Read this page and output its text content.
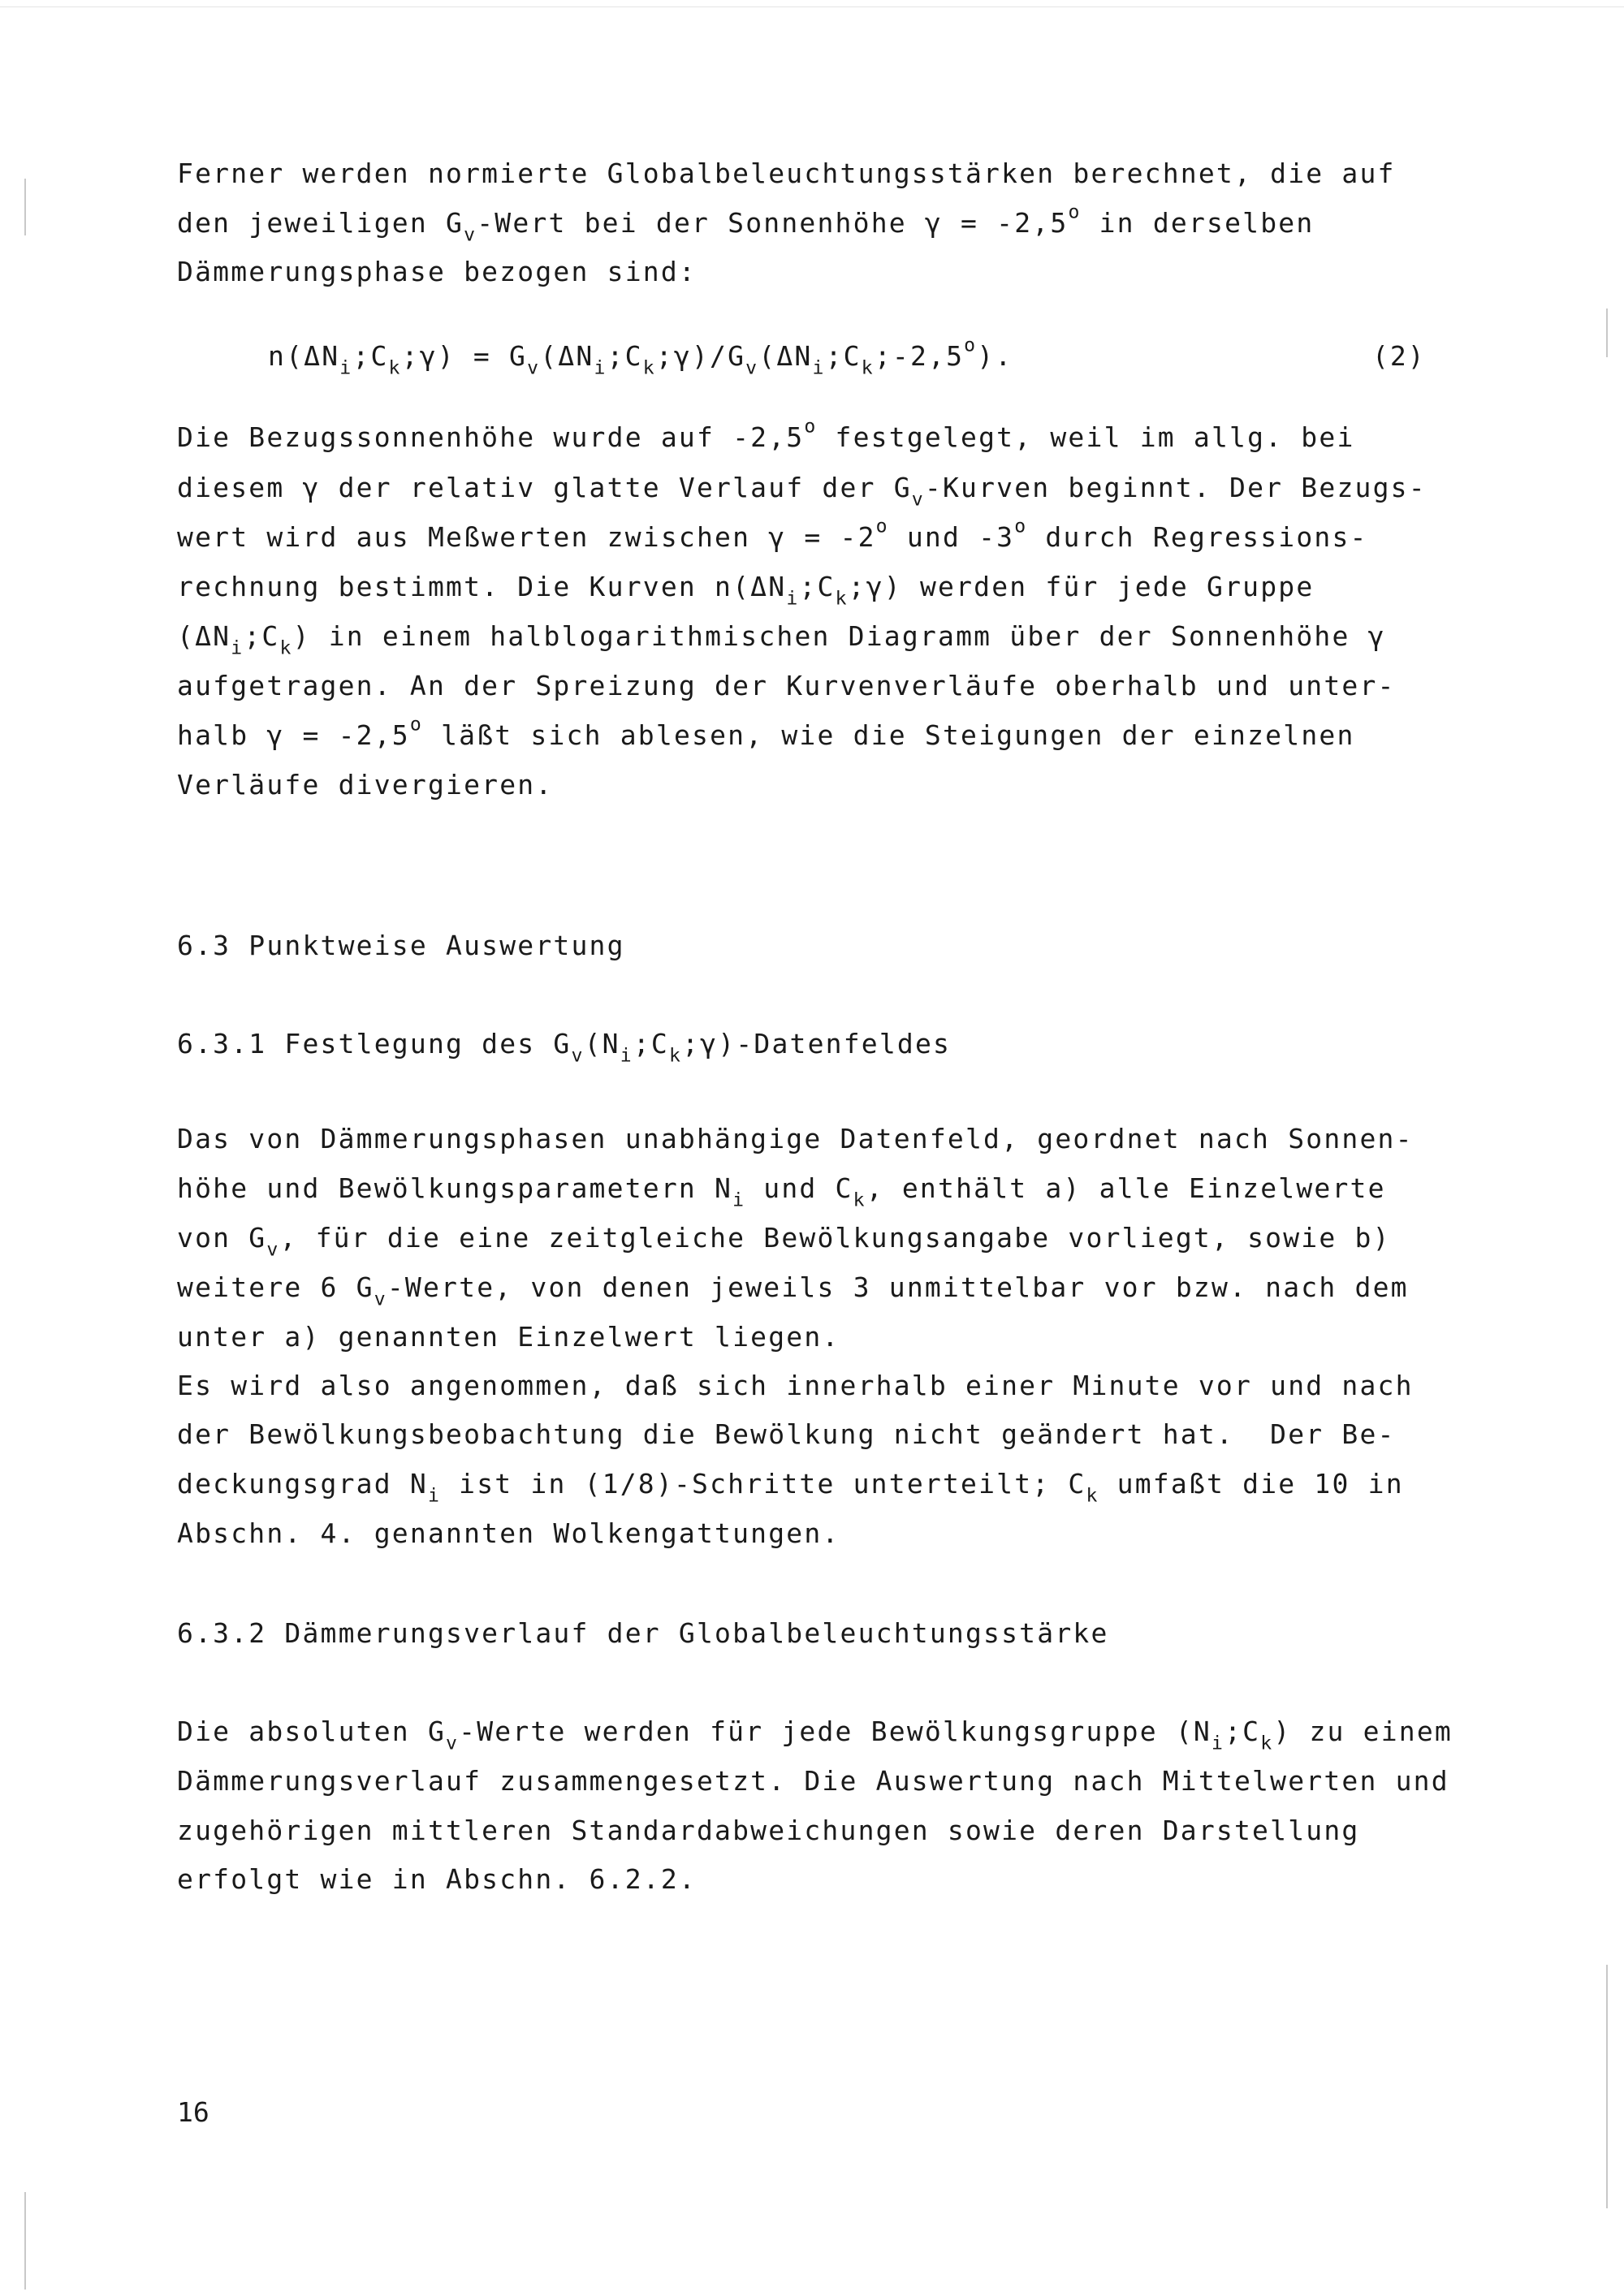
Ferner werden normierte Globalbeleuchtungsstärken berechnet, die auf
den jeweiligen $G_v$-Wert bei der Sonnenhöhe $\gamma = -2,5^o$ in derselben
Dämmerungsphase bezogen sind:
$n(\Delta N_i;C_k;\gamma)$ = $G_v(\Delta N_i;C_k;\gamma)/G_v(\Delta N_i;C_k;-2,5^o)$.	(2)
Die Bezugssonnenhöhe wurde auf -2,5$^o$ festgelegt, weil im allg. bei
diesem γ der relativ glatte Verlauf der $G_v$-Kurven beginnt. Der Bezugs-
wert wird aus Meßwerten zwischen $\gamma = -2^o$ und -3$^o$ durch Regressions-
rechnung bestimmt. Die Kurven $n(\Delta N_i;C_k;\gamma)$ werden für jede Gruppe
$(\Delta N_i;C_k)$ in einem halblogarithmischen Diagramm über der Sonnenhöhe γ
aufgetragen. An der Spreizung der Kurvenverläufe oberhalb und unter-
halb $\gamma = -2,5^o$ läßt sich ablesen, wie die Steigungen der einzelnen
Verläufe divergieren.
6.3 Punktweise Auswertung
6.3.1 Festlegung des $G_v(N_i;C_k;\gamma)$-Datenfeldes
Das von Dämmerungsphasen unabhängige Datenfeld, geordnet nach Sonnen-
höhe und Bewölkungsparametern $N_i$ und $C_k$, enthält a) alle Einzelwerte
von $G_v$, für die eine zeitgleiche Bewölkungsangabe vorliegt, sowie b)
weitere 6 $G_v$-Werte, von denen jeweils 3 unmittelbar vor bzw. nach dem
unter a) genannten Einzelwert liegen.
Es wird also angenommen, daß sich innerhalb einer Minute vor und nach
der Bewölkungsbeobachtung die Bewölkung nicht geändert hat.  Der Be-
deckungsgrad $N_i$ ist in (1/8)-Schritte unterteilt; $C_k$ umfaßt die 10 in
Abschn. 4. genannten Wolkengattungen.
6.3.2 Dämmerungsverlauf der Globalbeleuchtungsstärke
Die absoluten $G_v$-Werte werden für jede Bewölkungsgruppe $(N_i;C_k)$ zu einem
Dämmerungsverlauf zusammengesetzt. Die Auswertung nach Mittelwerten und
zugehörigen mittleren Standardabweichungen sowie deren Darstellung
erfolgt wie in Abschn. 6.2.2.
16
